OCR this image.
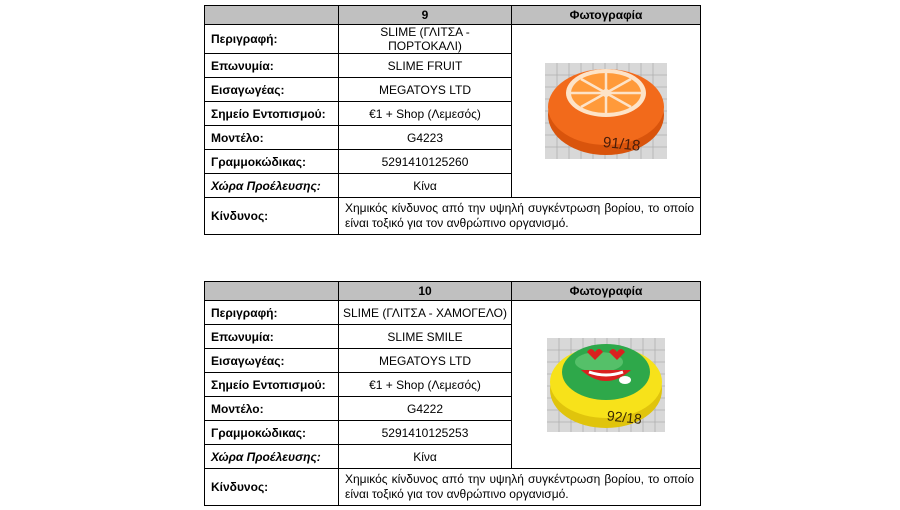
	9	Φωτογραφία
Περιγραφή:	SLIME (ΓΛΙΤΣΑ - ΠΟΡΤΟΚΑΛΙ)	91/18

Επωνυμία:	SLIME FRUIT	
Εισαγωγέας:	MEGATOYS LTD	
Σημείο Εντοπισμού:	€1 + Shop (Λεμεσός)	
Μοντέλο:	G4223	
Γραμμοκώδικας:	5291410125260	
Χώρα Προέλευσης:	Κίνα	
Κίνδυνος:	Χημικός κίνδυνος από την υψηλή συγκέντρωση βορίου, το οποίο είναι τοξικό για τον ανθρώπινο οργανισμό.	
	10	Φωτογραφία
Περιγραφή:	SLIME (ΓΛΙΤΣΑ - ΧΑΜΟΓΕΛΟ)	92/18

Επωνυμία:	SLIME SMILE	
Εισαγωγέας:	MEGATOYS LTD	
Σημείο Εντοπισμού:	€1 + Shop (Λεμεσός)	
Μοντέλο:	G4222	
Γραμμοκώδικας:	5291410125253	
Χώρα Προέλευσης:	Κίνα	
Κίνδυνος:	Χημικός κίνδυνος από την υψηλή συγκέντρωση βορίου, το οποίο είναι τοξικό για τον ανθρώπινο οργανισμό.	
